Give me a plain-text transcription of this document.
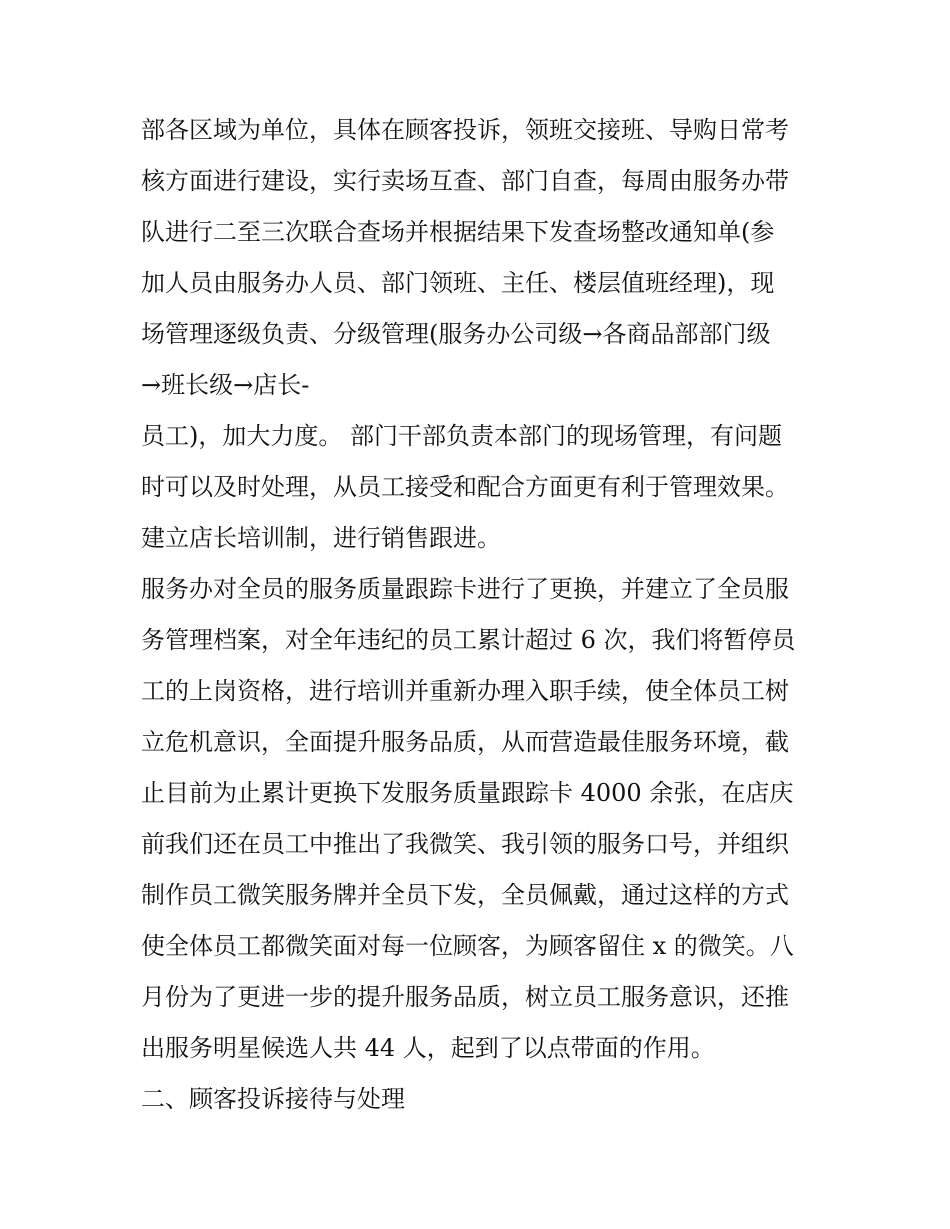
部各区域为单位，具体在顾客投诉，领班交接班、导购日常考
核方面进行建设，实行卖场互查、部门自查，每周由服务办带
队进行二至三次联合查场并根据结果下发查场整改通知单(参
加人员由服务办人员、部门领班、主任、楼层值班经理)，现
场管理逐级负责、分级管理(服务办公司级→各商品部部门级
→班长级→店长-
员工)，加大力度。 部门干部负责本部门的现场管理，有问题
时可以及时处理，从员工接受和配合方面更有利于管理效果。
建立店长培训制，进行销售跟进。
服务办对全员的服务质量跟踪卡进行了更换，并建立了全员服
务管理档案，对全年违纪的员工累计超过 6 次，我们将暂停员
工的上岗资格，进行培训并重新办理入职手续，使全体员工树
立危机意识，全面提升服务品质，从而营造最佳服务环境，截
止目前为止累计更换下发服务质量跟踪卡 4000 余张，在店庆
前我们还在员工中推出了我微笑、我引领的服务口号，并组织
制作员工微笑服务牌并全员下发，全员佩戴，通过这样的方式
使全体员工都微笑面对每一位顾客，为顾客留住 x 的微笑。八
月份为了更进一步的提升服务品质，树立员工服务意识，还推
出服务明星候选人共 44 人，起到了以点带面的作用。
二、顾客投诉接待与处理
